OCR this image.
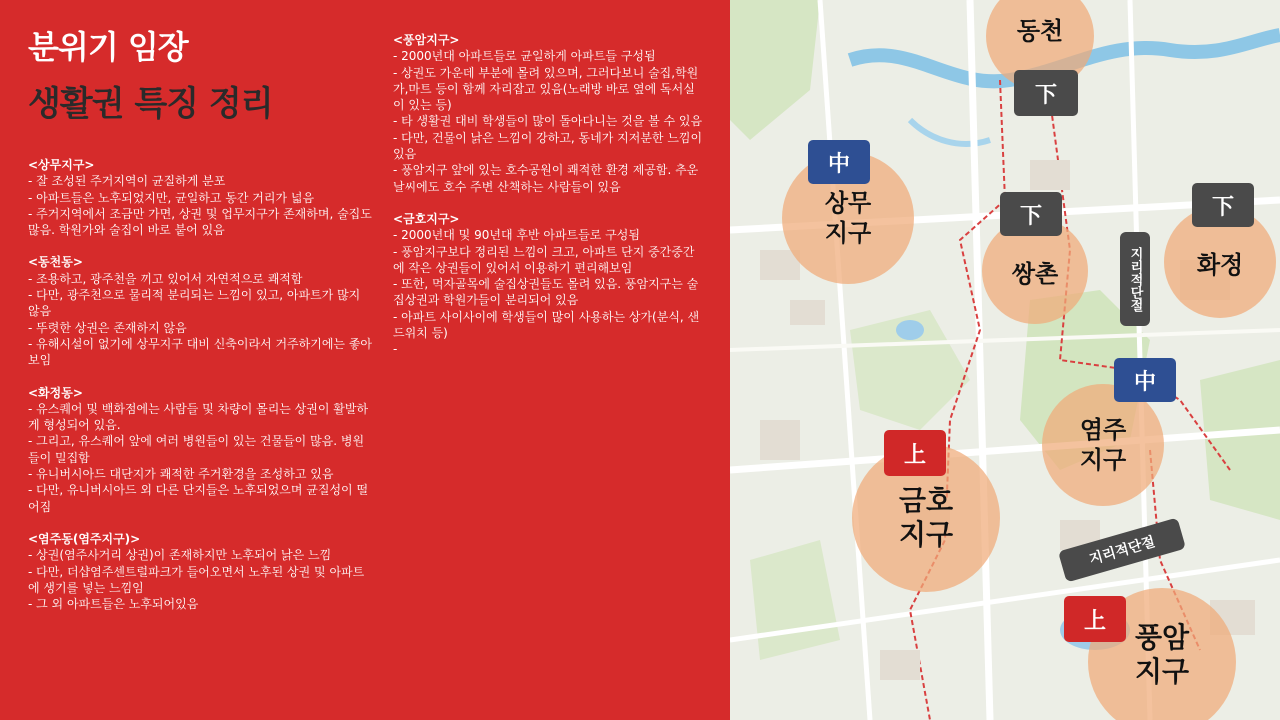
분위기 임장
생활권 특징 정리
<상무지구>
- 잘 조성된 주거지역이 균질하게 분포
- 아파트들은 노후되었지만, 균일하고 동간 거리가 넓음
- 주거지역에서 조금만 가면, 상권 및 업무지구가 존재하며, 술집도 많음. 학원가와 술집이 바로 붙어 있음
<동천동>
- 조용하고, 광주천을 끼고 있어서 자연적으로 쾌적함
- 다만, 광주천으로 물리적 분리되는 느낌이 있고, 아파트가 많지 않음
- 뚜렷한 상권은 존재하지 않음
- 유해시설이 없기에 상무지구 대비 신축이라서 거주하기에는 좋아보임
<화정동>
- 유스퀘어 및 백화점에는 사람들 및 차량이 몰리는 상권이 활발하게 형성되어 있음.
- 그리고, 유스퀘어 앞에 여러 병원들이 있는 건물들이 많음. 병원들이 밀집함
- 유니버시아드 대단지가 쾌적한 주거환경을 조성하고 있음
- 다만, 유니버시아드 외 다른 단지들은 노후되었으며 균질성이 떨어짐
<염주동(염주지구)>
- 상권(염주사거리 상권)이 존재하지만 노후되어 낡은 느낌
- 다만, 더샵염주센트럴파크가 들어오면서 노후된 상권 및 아파트에 생기를 넣는 느낌임
- 그 외 아파트들은 노후되어있음
<풍암지구>
- 2000년대 아파트들로 균일하게 아파트들 구성됨
- 상권도 가운데 부분에 몰려 있으며, 그러다보니 술집,학원가,마트 등이 함께 자리잡고 있음(노래방 바로 옆에 독서실이 있는 등)
- 타 생활권 대비 학생들이 많이 돌아다니는 것을 볼 수 있음
- 다만, 건물이 낡은 느낌이 강하고, 동네가 지저분한 느낌이 있음
- 풍암지구 앞에 있는 호수공원이 쾌적한 환경 제공함. 추운 날씨에도 호수 주변 산책하는 사람들이 있음
<금호지구>
- 2000년대 및 90년대 후반 아파트들로 구성됨
- 풍암지구보다 정리된 느낌이 크고, 아파트 단지 중간중간에 작은 상권들이 있어서 이용하기 편리해보임
- 또한, 먹자골목에 술집상권들도 몰려 있음. 풍암지구는 술집상권과 학원가들이 분리되어 있음
- 아파트 사이사이에 학생들이 많이 사용하는 상가(분식, 샌드위치 등)
-
동천
상무
지구
쌍촌	화정
염주
지구
금호
지구
풍암
지구
下
中
下	下
中
上
上
지리적단절
지리적단절
